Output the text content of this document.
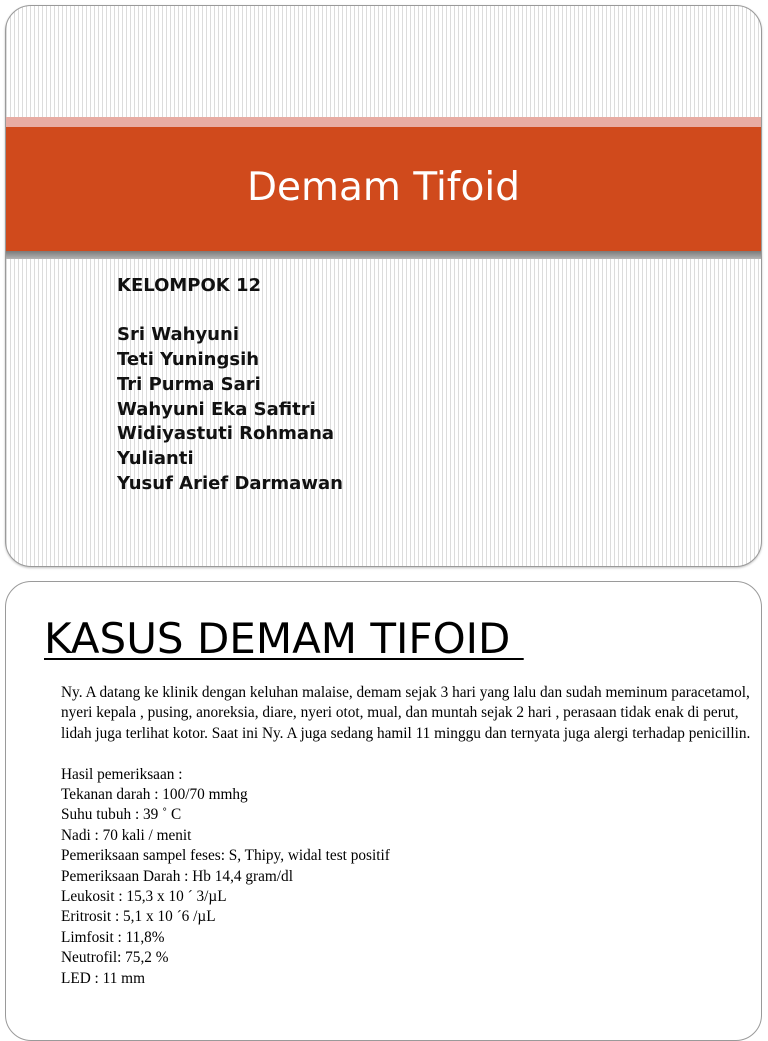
Demam Tifoid
KELOMPOK 12
Sri Wahyuni
Teti Yuningsih
Tri Purma Sari
Wahyuni Eka Safitri
Widiyastuti Rohmana
Yulianti
Yusuf Arief Darmawan
KASUS DEMAM TIFOID

Ny. A datang ke klinik dengan keluhan malaise, demam sejak 3 hari yang lalu dan sudah meminum paracetamol, nyeri kepala , pusing, anoreksia, diare, nyeri otot, mual, dan muntah sejak 2 hari , perasaan tidak enak di perut, lidah juga terlihat kotor. Saat ini Ny. A juga sedang hamil 11 minggu dan ternyata juga alergi terhadap penicillin.

Hasil pemeriksaan :

Tekanan darah : 100/70 mmhg

Suhu tubuh : 39 ˚ C

Nadi : 70 kali / menit

Pemeriksaan sampel feses: S, Thipy, widal test positif

Pemeriksaan Darah : Hb 14,4 gram/dl

Leukosit : 15,3 x 10 ˊ 3/µL

Eritrosit : 5,1 x 10 ˊ6 /µL

Limfosit : 11,8%

Neutrofil: 75,2 %

LED : 11 mm
